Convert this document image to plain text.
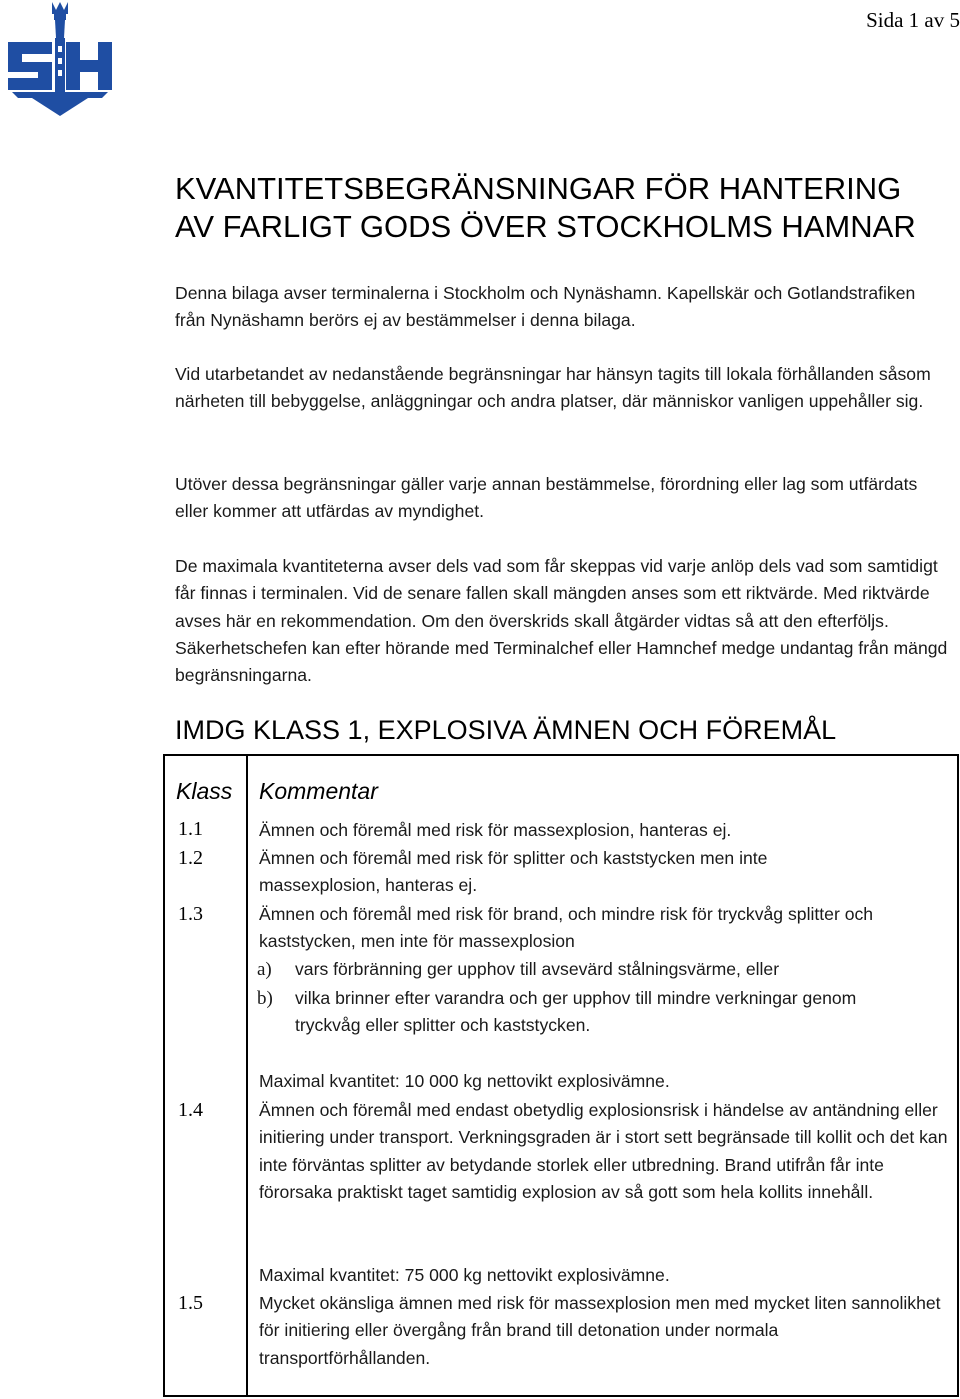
Sida 1 av 5
KVANTITETSBEGRÄNSNINGAR FÖR HANTERING
AV FARLIGT GODS ÖVER STOCKHOLMS HAMNAR
Denna bilaga avser terminalerna i Stockholm och Nynäshamn. Kapellskär och Gotlandstrafiken från Nynäshamn berörs ej av bestämmelser i denna bilaga.
Vid utarbetandet av nedanstående begränsningar har hänsyn tagits till lokala förhållanden såsom närheten till bebyggelse, anläggningar och andra platser, där människor vanligen uppehåller sig.
Utöver dessa begränsningar gäller varje annan bestämmelse, förordning eller lag som utfärdats eller kommer att utfärdas av myndighet.
De maximala kvantiteterna avser dels vad som får skeppas vid varje anlöp dels vad som samtidigt får finnas i terminalen. Vid de senare fallen skall mängden anses som ett riktvärde. Med riktvärde avses här en rekommendation. Om den överskrids skall åtgärder vidtas så att den efterföljs. Säkerhetschefen kan efter hörande med Terminalchef eller Hamnchef medge undantag från mängd begränsningarna.
IMDG KLASS 1, EXPLOSIVA ÄMNEN OCH FÖREMÅL
Klass Kommentar
1.1	Ämnen och föremål med risk för massexplosion, hanteras ej.
1.2	Ämnen och föremål med risk för splitter och kaststycken men inte massexplosion, hanteras ej.
1.3	Ämnen och föremål med risk för brand, och mindre risk för tryckvåg splitter och kaststycken, men inte för massexplosion
a) vars förbränning ger upphov till avsevärd stålningsvärme, eller
b) vilka brinner efter varandra och ger upphov till mindre verkningar genom tryckvåg eller splitter och kaststycken.
Maximal kvantitet: 10 000 kg nettovikt explosivämne.
1.4	Ämnen och föremål med endast obetydlig explosionsrisk i händelse av antändning eller initiering under transport. Verkningsgraden är i stort sett begränsade till kollit och det kan inte förväntas splitter av betydande storlek eller utbredning. Brand utifrån får inte förorsaka praktiskt taget samtidig explosion av så gott som hela kollits innehåll.
Maximal kvantitet: 75 000 kg nettovikt explosivämne.
1.5	Mycket okänsliga ämnen med risk för massexplosion men med mycket liten sannolikhet för initiering eller övergång från brand till detonation under normala transportförhållanden.
